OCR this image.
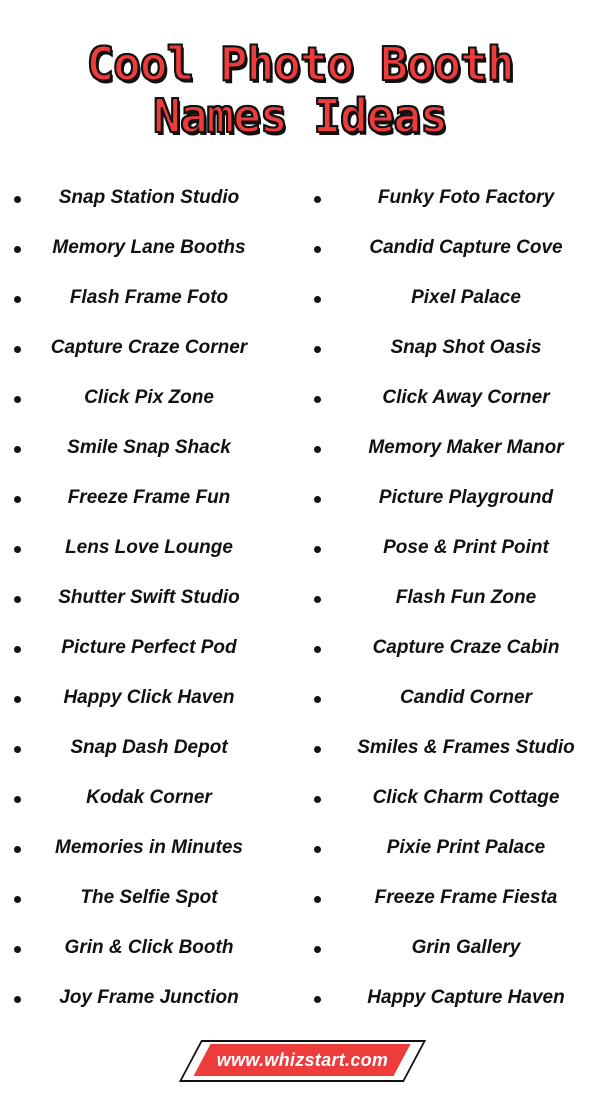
Cool Photo Booth
Names Ideas
Snap Station Studio
Memory Lane Booths
Flash Frame Foto
Capture Craze Corner
Click Pix Zone
Smile Snap Shack
Freeze Frame Fun
Lens Love Lounge
Shutter Swift Studio
Picture Perfect Pod
Happy Click Haven
Snap Dash Depot
Kodak Corner
Memories in Minutes
The Selfie Spot
Grin & Click Booth
Joy Frame Junction
Funky Foto Factory
Candid Capture Cove
Pixel Palace
Snap Shot Oasis
Click Away Corner
Memory Maker Manor
Picture Playground
Pose & Print Point
Flash Fun Zone
Capture Craze Cabin
Candid Corner
Smiles & Frames Studio
Click Charm Cottage
Pixie Print Palace
Freeze Frame Fiesta
Grin Gallery
Happy Capture Haven
www.whizstart.com
